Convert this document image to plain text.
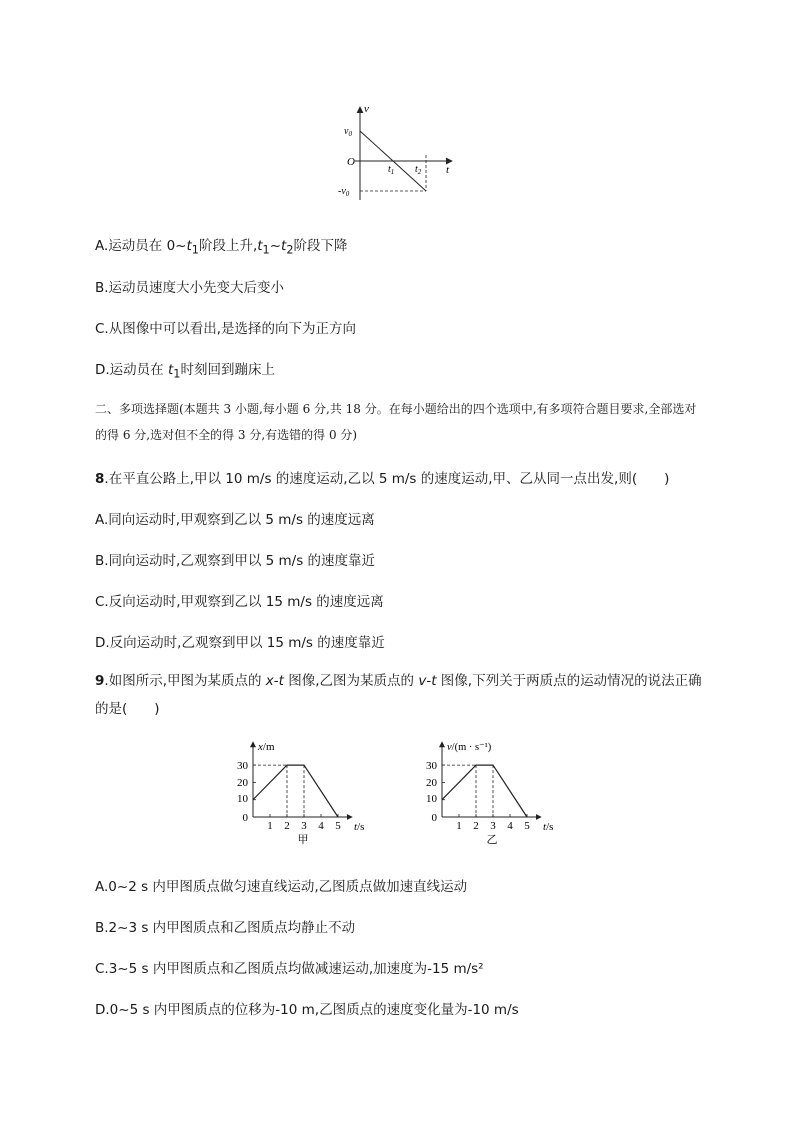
v
$v_0$
O
t
$t_1$ $t_2$
$-v_0$
A.运动员在 $0\sim t_1$阶段上升$,t_1\sim t_2$阶段下降
B.运动员速度大小先变大后变小
C.从图像中可以看出,是选择的向下为正方向
D.运动员在 $t_1$时刻回到蹦床上
二、多项选择题(本题共 3 小题,每小题 6 分,共 18 分。在每小题给出的四个选项中,有多项符合题目要求,全部选对的得 6 分,选对但不全的得 3 分,有选错的得 0 分)
8.在平直公路上,甲以 10 m/s 的速度运动,乙以 5 m/s 的速度运动,甲、乙从同一点出发,则(　　)
A.同向运动时,甲观察到乙以 5 m/s 的速度远离
B.同向运动时,乙观察到甲以 5 m/s 的速度靠近
C.反向运动时,甲观察到乙以 15 m/s 的速度远离
D.反向运动时,乙观察到甲以 15 m/s 的速度靠近
9.如图所示,甲图为某质点的 x-t 图像,乙图为某质点的 v-t 图像,下列关于两质点的运动情况的说法正确的是(　　)
x/m
30
20
10
0
1 2 3 4 5 t/s
甲
v/(m · s⁻¹)
30
20
10
0
1 2 3 4 5 t/s
乙
A.0~2 s 内甲图质点做匀速直线运动,乙图质点做加速直线运动
B.2~3 s 内甲图质点和乙图质点均静止不动
C.3~5 s 内甲图质点和乙图质点均做减速运动,加速度为-15 m/s²
D.0~5 s 内甲图质点的位移为-10 m,乙图质点的速度变化量为-10 m/s
